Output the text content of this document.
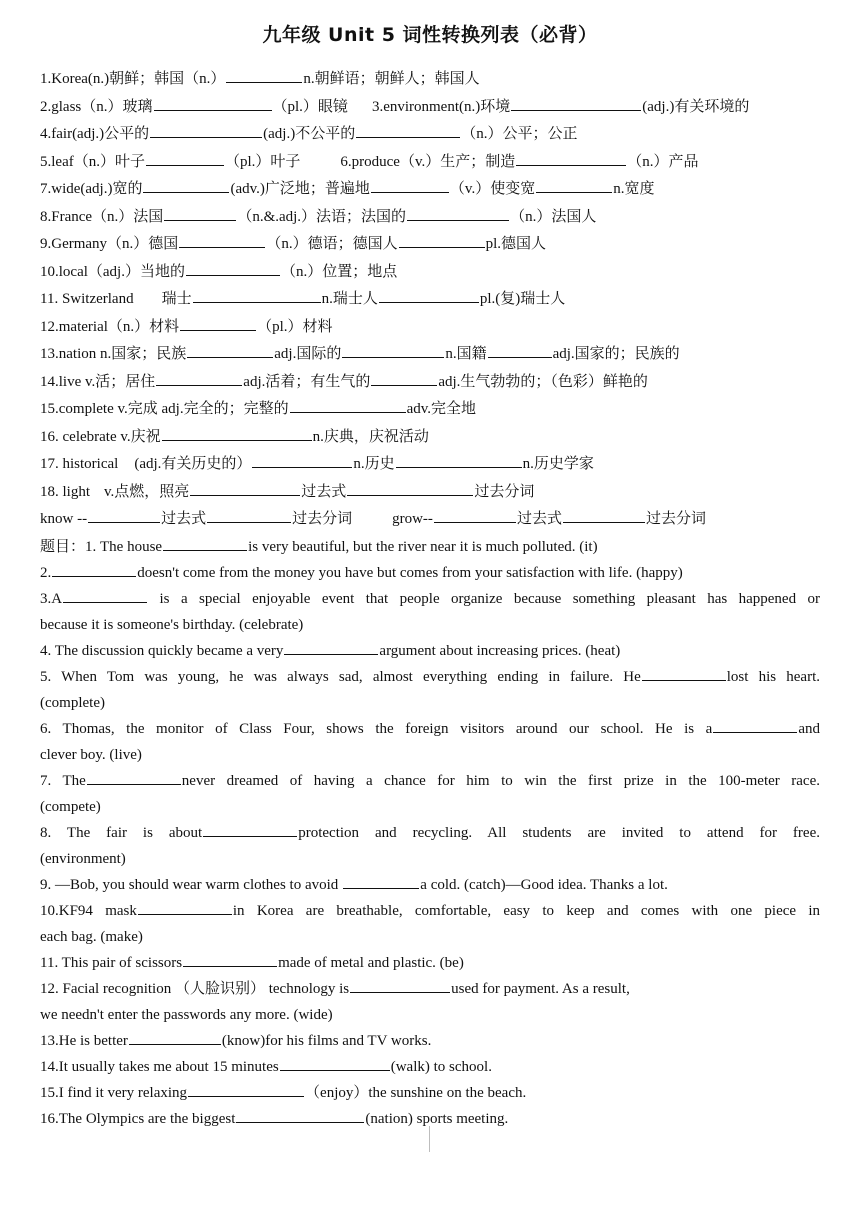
九年级 Unit 5 词性转换列表（必背）
1.Korea(n.)朝鲜；韩国（n.）	n.朝鲜语；朝鲜人；韩国人
2.glass（n.）玻璃	（pl.）眼镜 3.environment(n.)环境	(adj.)有关环境的
4.fair(adj.)公平的	(adj.)不公平的	（n.）公平；公正
5.leaf（n.）叶子	（pl.）叶子	6.produce（v.）生产；制造	（n.）产品
7.wide(adj.)宽的	(adv.)广泛地；普遍地	（v.）使变宽	n.宽度
8.France（n.）法国	（n.&.adj.）法语；法国的	（n.）法国人
9.Germany（n.）德国	（n.）德语；德国人	pl.德国人
10.local（adj.）当地的	（n.）位置；地点
11. Switzerland 瑞士	n.瑞士人	pl.(复)瑞士人
12.material（n.）材料	（pl.）材料
13.nation n.国家；民族	adj.国际的	n.国籍	adj.国家的；民族的
14.live v.活；居住	adj.活着；有生气的	adj.生气勃勃的；（色彩）鲜艳的
15.complete v.完成 adj.完全的；完整的	adv.完全地
16. celebrate v.庆祝	n.庆典，庆祝活动
17. historical (adj.有关历史的）	n.历史	n.历史学家
18. light v.点燃，照亮	过去式	过去分词
know --	过去式	过去分词	grow--	过去式	过去分词
题目：1. The house	is very beautiful, but the river near it is much polluted. (it)
2.	doesn't come from the money you have but comes from your satisfaction with life. (happy)
3.A	is a special enjoyable event that people organize because something pleasant has happened or
because it is someone's birthday. (celebrate)
4. The discussion quickly became a very	argument about increasing prices. (heat)
5. When Tom was young, he was always sad, almost everything ending in failure. He	lost his heart.
(complete)
6. Thomas, the monitor of Class Four, shows the foreign visitors around our school. He is a	and
clever boy. (live)
7. The	never dreamed of having a chance for him to win the first prize in the 100-meter race.
(compete)
8. The fair is about	protection and recycling. All students are invited to attend for free.
(environment)
9. —Bob, you should wear warm clothes to avoid	a cold. (catch)—Good idea. Thanks a lot.
10.KF94 mask	in Korea are breathable, comfortable, easy to keep and comes with one piece in
each bag. (make)
11. This pair of scissors	made of metal and plastic. (be)
12. Facial recognition （人脸识别） technology is	used for payment. As a result,
we needn't enter the passwords any more. (wide)
13.He is better	(know)for his films and TV works.
14.It usually takes me about 15 minutes	(walk) to school.
15.I find it very relaxing	（enjoy）the sunshine on the beach.
16.The Olympics are the biggest	(nation) sports meeting.
